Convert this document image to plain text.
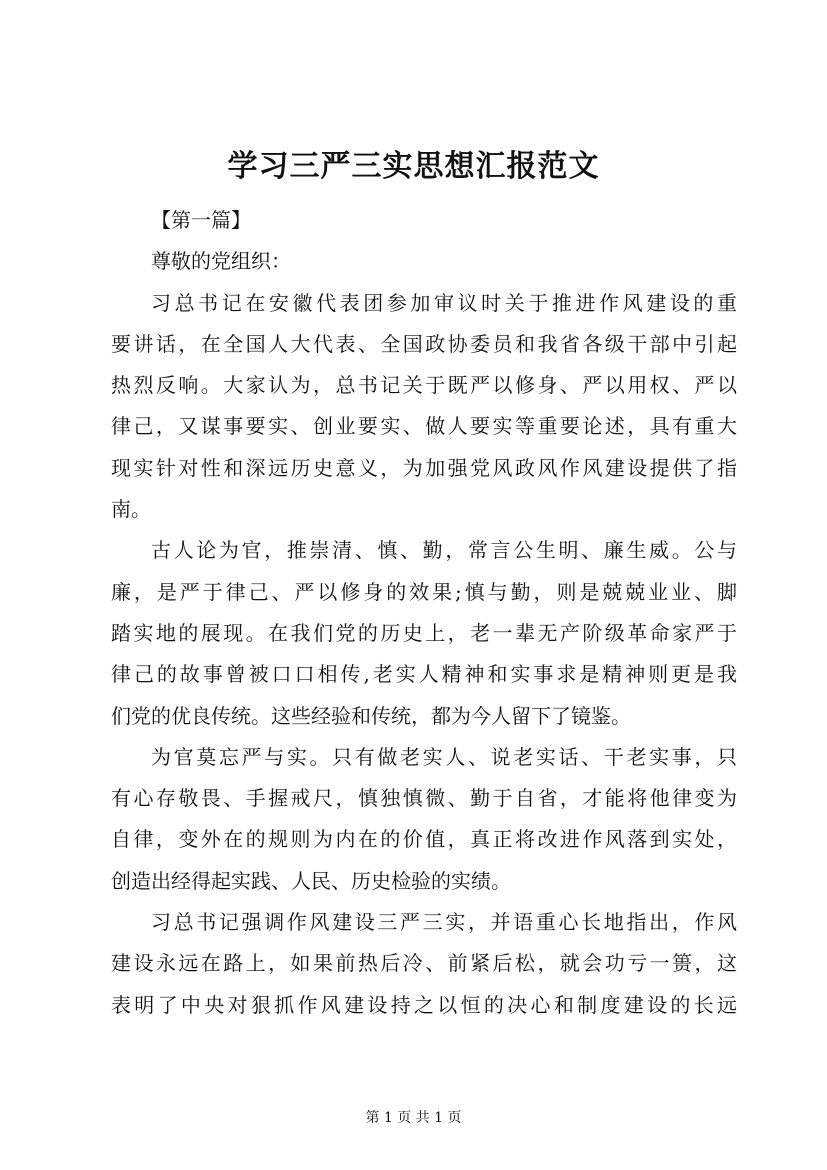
学习三严三实思想汇报范文
【第一篇】
尊敬的党组织：
习总书记在安徽代表团参加审议时关于推进作风建设的重
要讲话，在全国人大代表、全国政协委员和我省各级干部中引起
热烈反响。大家认为，总书记关于既严以修身、严以用权、严以
律己，又谋事要实、创业要实、做人要实等重要论述，具有重大
现实针对性和深远历史意义，为加强党风政风作风建设提供了指
南。
古人论为官，推崇清、慎、勤，常言公生明、廉生威。公与
廉，是严于律己、严以修身的效果;慎与勤，则是兢兢业业、脚
踏实地的展现。在我们党的历史上，老一辈无产阶级革命家严于
律己的故事曾被口口相传,老实人精神和实事求是精神则更是我
们党的优良传统。这些经验和传统，都为今人留下了镜鉴。
为官莫忘严与实。只有做老实人、说老实话、干老实事，只
有心存敬畏、手握戒尺，慎独慎微、勤于自省，才能将他律变为
自律，变外在的规则为内在的价值，真正将改进作风落到实处，
创造出经得起实践、人民、历史检验的实绩。
习总书记强调作风建设三严三实，并语重心长地指出，作风
建设永远在路上，如果前热后冷、前紧后松，就会功亏一篑，这
表明了中央对狠抓作风建设持之以恒的决心和制度建设的长远
第 1 页 共 1 页
